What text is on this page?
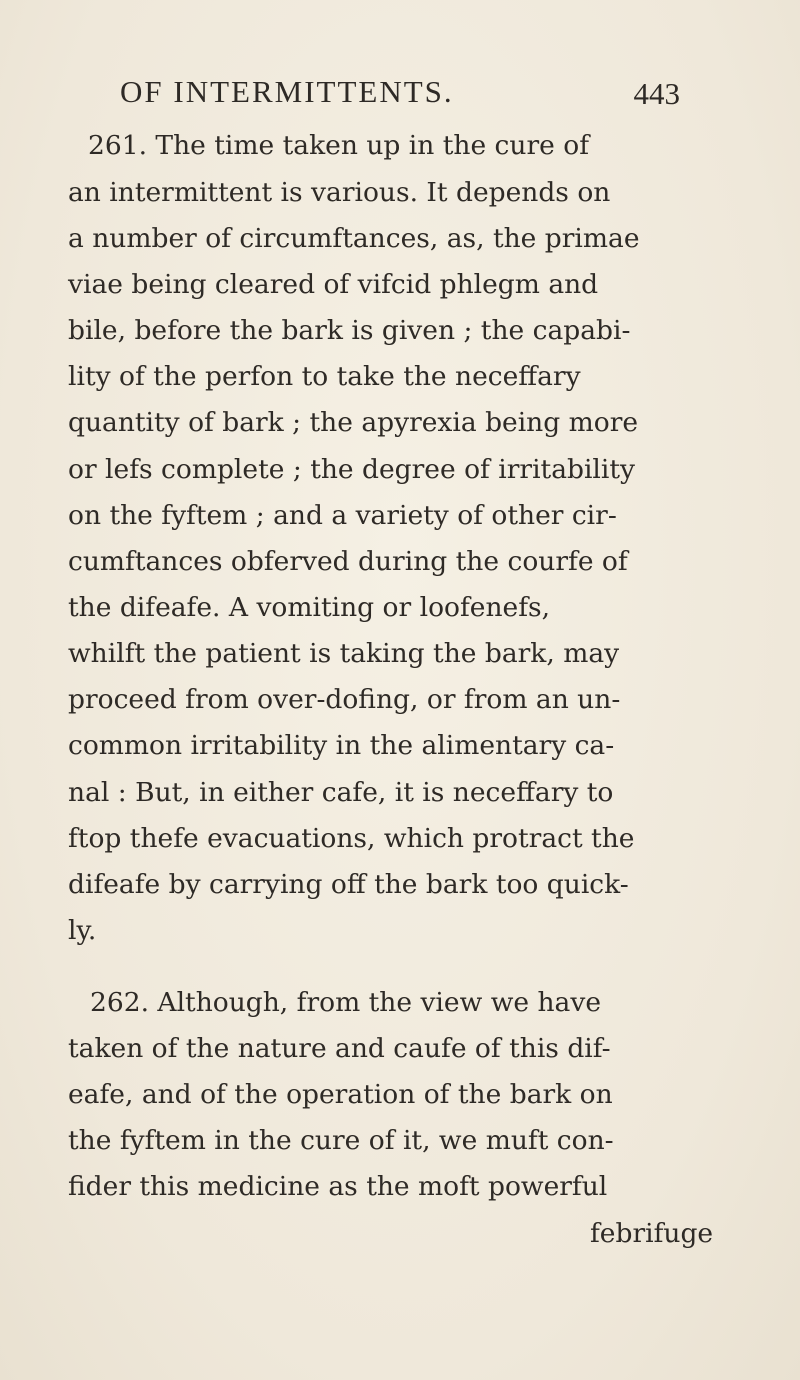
OF INTERMITTENTS.	443
261. The time taken up in the cure of
an intermittent is various. It depends on
a number of circumftances, as, the primae
viae being cleared of vifcid phlegm and
bile, before the bark is given ; the capabi-
lity of the perfon to take the neceffary
quantity of bark ; the apyrexia being more
or lefs complete ; the degree of irritability
on the fyftem ; and a variety of other cir-
cumftances obferved during the courfe of
the difeafe. A vomiting or loofenefs,
whilft the patient is taking the bark, may
proceed from over-dofing, or from an un-
common irritability in the alimentary ca-
nal : But, in either cafe, it is neceffary to
ftop thefe evacuations, which protract the
difeafe by carrying off the bark too quick-
ly.
262. Although, from the view we have
taken of the nature and caufe of this dif-
eafe, and of the operation of the bark on
the fyftem in the cure of it, we muft con-
fider this medicine as the moft powerful
febrifuge
